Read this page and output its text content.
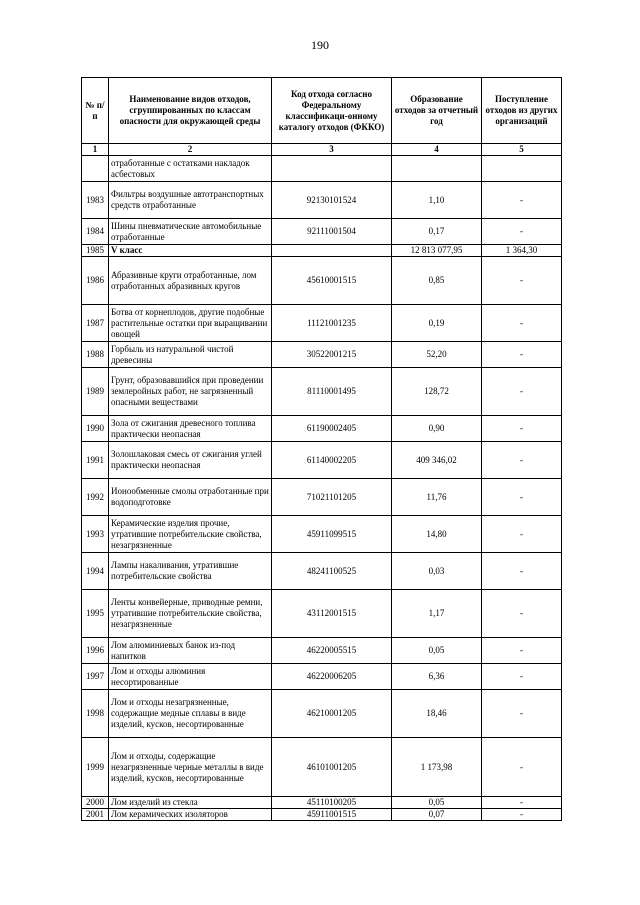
190
№ п/п	Наименование видов отходов, сгруппированных по классам опасности для окружающей среды	Код отхода согласно Федеральному классификаци-онному каталогу отходов (ФККО)	Образование отходов за отчетный год	Поступление отходов из других организаций
1	2	3	4	5
	отработанные с остатками накладок асбестовых			
1983	Фильтры воздушные автотранспортных средств отработанные	92130101524	1,10	-
1984	Шины пневматические автомобильные отработанные	92111001504	0,17	-
1985	V класс		12 813 077,95	1 364,30
1986	Абразивные круги отработанные, лом отработанных абразивных кругов	45610001515	0,85	-
1987	Ботва от корнеплодов, другие подобные растительные остатки при выращивании овощей	11121001235	0,19	-
1988	Горбыль из натуральной чистой древесины	30522001215	52,20	-
1989	Грунт, образовавшийся при проведении землеройных работ, не загрязненный опасными веществами	81110001495	128,72	-
1990	Зола от сжигания древесного топлива практически неопасная	61190002405	0,90	-
1991	Золошлаковая смесь от сжигания углей практически неопасная	61140002205	409 346,02	-
1992	Ионообменные смолы отработанные при водоподготовке	71021101205	11,76	-
1993	Керамические изделия прочие, утратившие потребительские свойства, незагрязненные	45911099515	14,80	-
1994	Лампы накаливания, утратившие потребительские свойства	48241100525	0,03	-
1995	Ленты конвейерные, приводные ремни, утратившие потребительские свойства, незагрязненные	43112001515	1,17	-
1996	Лом алюминиевых банок из-под напитков	46220005515	0,05	-
1997	Лом и отходы алюминия несортированные	46220006205	6,36	-
1998	Лом и отходы незагрязненные, содержащие медные сплавы в виде изделий, кусков, несортированные	46210001205	18,46	-
1999	Лом и отходы, содержащие незагрязненные черные металлы в виде изделий, кусков, несортированные	46101001205	1 173,98	-
2000	Лом изделий из стекла	45110100205	0,05	-
2001	Лом керамических изоляторов	45911001515	0,07	-
